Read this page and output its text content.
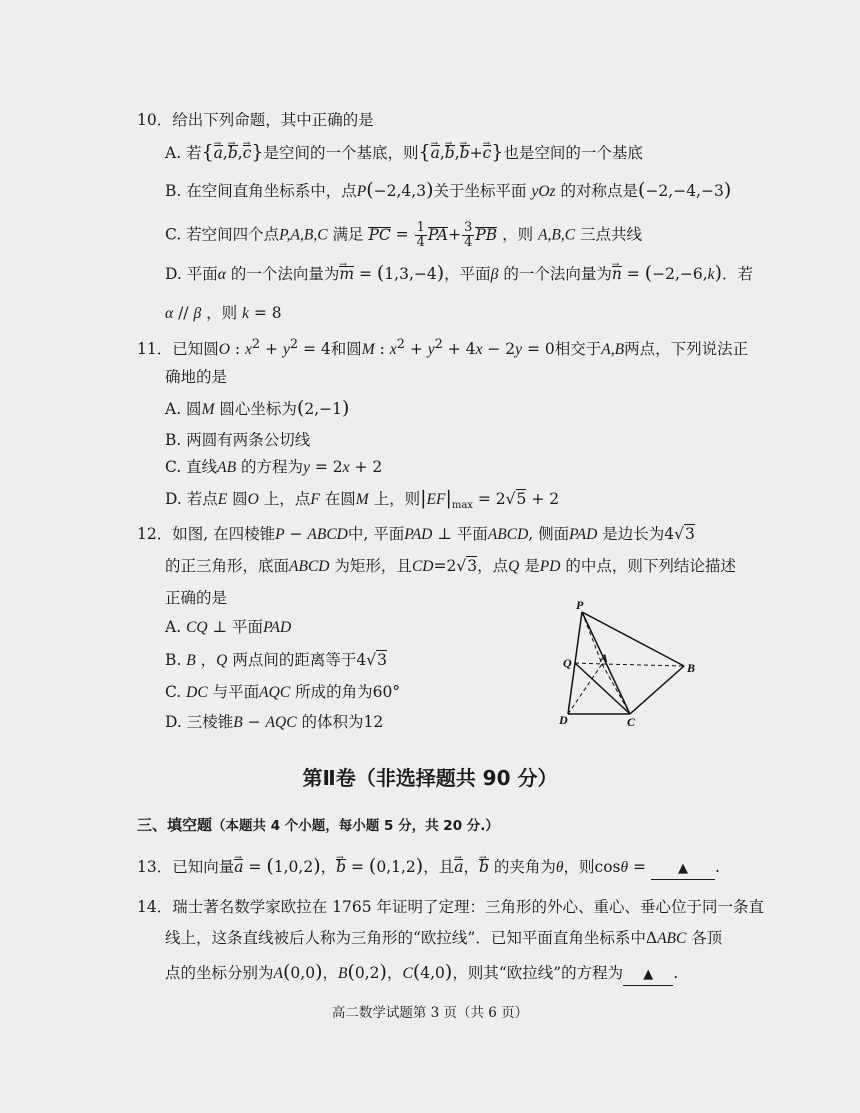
10．给出下列命题，其中正确的是
A. 若{a →,b →,c →}是空间的一个基底，则{a →,b →,b →+c →}也是空间的一个基底
B. 在空间直角坐标系中，点P(−2,4,3)关于坐标平面 yOz 的对称点是(−2,−4,−3)
C. 若空间四个点P,A,B,C 满足 PC = $\frac{1}{4} PA+ \frac{3}{4}$ PB ，则 A,B,C 三点共线
D. 平面α 的一个法向量为m → = (1,3,−4)，平面β 的一个法向量为n → = (−2,−6,k)．若
α // β ，则 k = 8
11．已知圆O : $x^2 + y^2 = 4$和圆M : $x^2 + y^2 + 4x - 2y = 0$相交于A,B两点，下列说法正
确地的是
A. 圆M 圆心坐标为(2,−1)
B. 两圆有两条公切线
C. 直线AB 的方程为y = 2x + 2
D. 若点E 圆O 上，点F 在圆M 上，则$|EF|_{max} = 2√5 + 2$
12．如图, 在四棱锥P − ABCD中, 平面PAD ⊥ 平面ABCD, 侧面PAD 是边长为4√3
的正三角形，底面ABCD 为矩形，且CD=2√3，点Q 是PD 的中点，则下列结论描述
正确的是
A. CQ ⊥ 平面PAD
B. B ，Q 两点间的距离等于4√3
C. DC 与平面AQC 所成的角为60°
D. 三棱锥B − AQC 的体积为12
P
Q A
B
D	C
第Ⅱ卷（非选择题共 90 分）
三、填空题（本题共 4 个小题，每小题 5 分，共 20 分.）
13．已知向量a → = (1,0,2)，b → = (0,1,2)，且a →，b → 的夹角为θ，则cosθ = ▲ .
14．瑞士著名数学家欧拉在 1765 年证明了定理：三角形的外心、重心、垂心位于同一条直
线上，这条直线被后人称为三角形的“欧拉线”．已知平面直角坐标系中ΔABC 各顶
点的坐标分别为A(0,0)，B(0,2)，C(4,0)，则其“欧拉线”的方程为 ▲ .
高二数学试题第 3 页（共 6 页）
